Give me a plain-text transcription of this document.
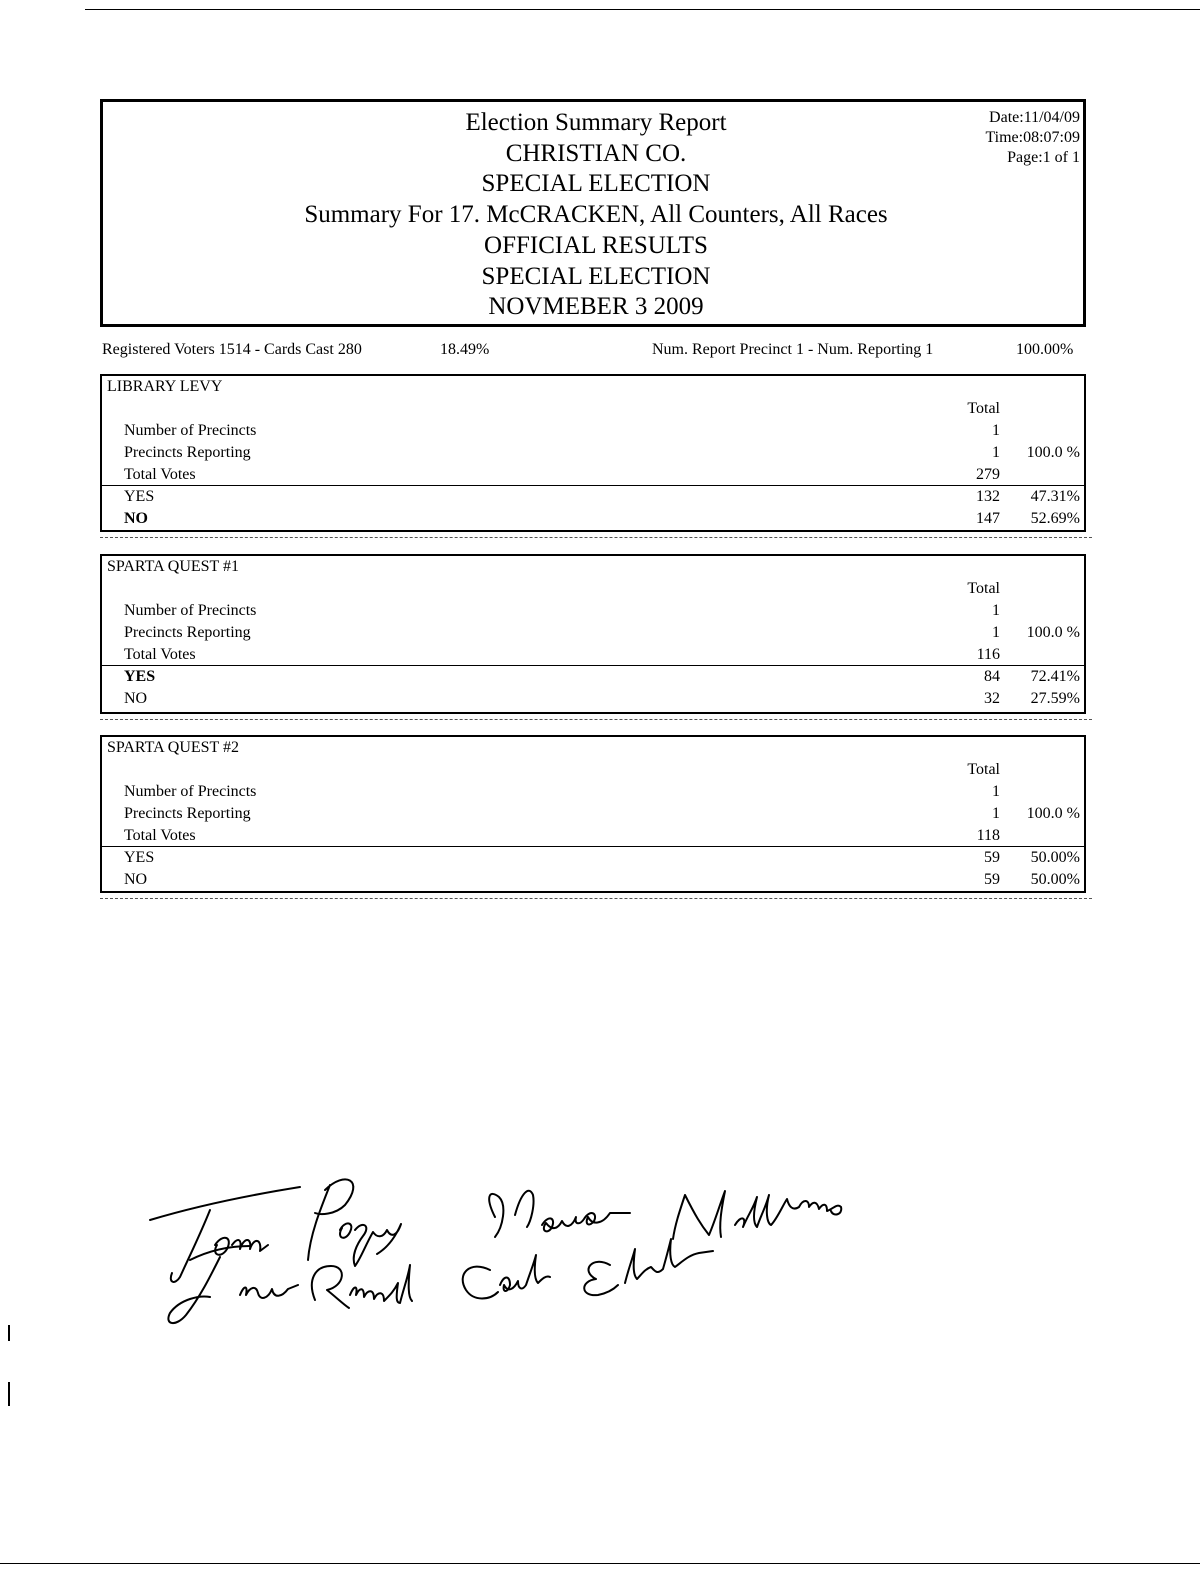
Election Summary Report
CHRISTIAN CO.
SPECIAL ELECTION
Summary For 17. McCRACKEN, All Counters, All Races
OFFICIAL RESULTS
SPECIAL ELECTION
NOVMEBER 3 2009
Date:11/04/09
Time:08:07:09
Page:1 of 1
Registered Voters 1514 - Cards Cast 280	18.49%	Num. Report Precinct 1 - Num. Reporting 1	100.00%
LIBRARY LEVY
Total
Number of Precincts	1
Precincts Reporting	1 100.0 %
Total Votes	279
YES	132 47.31%
NO	147 52.69%
SPARTA QUEST #1
Total
Number of Precincts	1
Precincts Reporting	1 100.0 %
Total Votes	116
YES	84 72.41%
NO	32 27.59%
SPARTA QUEST #2
Total
Number of Precincts	1
Precincts Reporting	1 100.0 %
Total Votes	118
YES	59 50.00%
NO	59 50.00%
